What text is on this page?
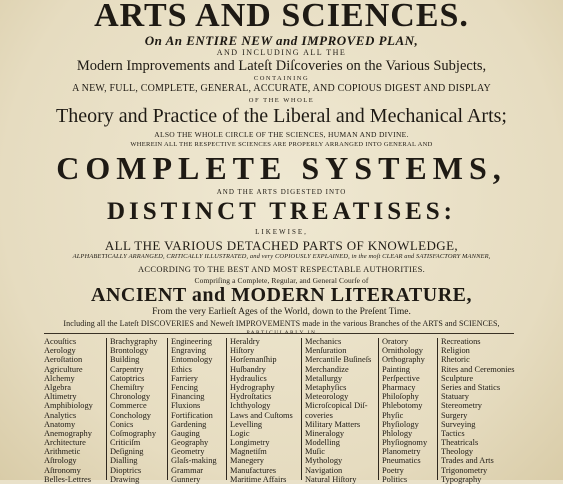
ARTS AND SCIENCES.
On An ENTIRE NEW and IMPROVED PLAN,
AND INCLUDING ALL THE
Modern Improvements and Lateſt Diſcoveries on the Various Subjects,
CONTAINING
A NEW, FULL, COMPLETE, GENERAL, ACCURATE, AND COPIOUS DIGEST AND DISPLAY
OF THE WHOLE
Theory and Practice of the Liberal and Mechanical Arts;
ALSO THE WHOLE CIRCLE OF THE SCIENCES, HUMAN AND DIVINE.
WHEREIN ALL THE RESPECTIVE SCIENCES ARE PROPERLY ARRANGED INTO GENERAL AND
COMPLETE SYSTEMS,
AND THE ARTS DIGESTED INTO
DISTINCT TREATISES:
LIKEWISE,
ALL THE VARIOUS DETACHED PARTS OF KNOWLEDGE,
ALPHABETICALLY ARRANGED, CRITICALLY ILLUSTRATED, and very COPIOUSLY EXPLAINED, in the moſt CLEAR and SATISFACTORY MANNER,
ACCORDING TO THE BEST AND MOST RESPECTABLE AUTHORITIES.
Compriſing a Complete, Regular, and General Courſe of
ANCIENT and MODERN LITERATURE,
From the very Earlieſt Ages of the World, down to the Preſent Time.
Including all the Lateſt DISCOVERIES and Neweſt IMPROVEMENTS made in the various Branches of the ARTS and SCIENCES,
Acouſtics
Aerology
Aeroſtation
Agriculture
Alchemy
Algebra
Altimetry
Amphibiology
Analytics
Anatomy
Anemography
Architecture
Arithmetic
Aſtrology
Aſtronomy
Belles-Lettres
Brachygraphy
Brontology
Building
Carpentry
Catoptrics
Chemiſtry
Chronology
Commerce
Conchology
Conics
Coſmography
Criticiſm
Deſigning
Dialling
Dioptrics
Drawing
Engineering
Engraving
Entomology
Ethics
Farriery
Fencing
Financing
Fluxions
Fortification
Gardening
Gauging
Geography
Geometry
Glaſs-making
Grammar
Gunnery
Heraldry
Hiſtory
Horſemanſhip
Huſbandry
Hydraulics
Hydrography
Hydroſtatics
Ichthyology
Laws and Cuſtoms
Levelling
Logic
Longimetry
Magnetiſm
Manegery
Manufactures
Maritime Affairs
Mechanics
Menſuration
Mercantile Buſineſs
Merchandize
Metallurgy
Metaphyſics
Meteorology
Microſcopical Diſ-
coveries
Military Matters
Mineralogy
Modelling
Muſic
Mythology
Navigation
Natural Hiſtory
Oratory
Ornithology
Orthography
Painting
Perſpective
Pharmacy
Philoſophy
Phlebotomy
Phyſic
Phyſiology
Phlology
Phyſiognomy
Planometry
Pneumatics
Poetry
Politics
Recreations
Religion
Rhetoric
Rites and Ceremonies
Sculpture
Series and Statics
Statuary
Stereometry
Surgery
Surveying
Tactics
Theatricals
Theology
Trades and Arts
Trigonometry
Typography
